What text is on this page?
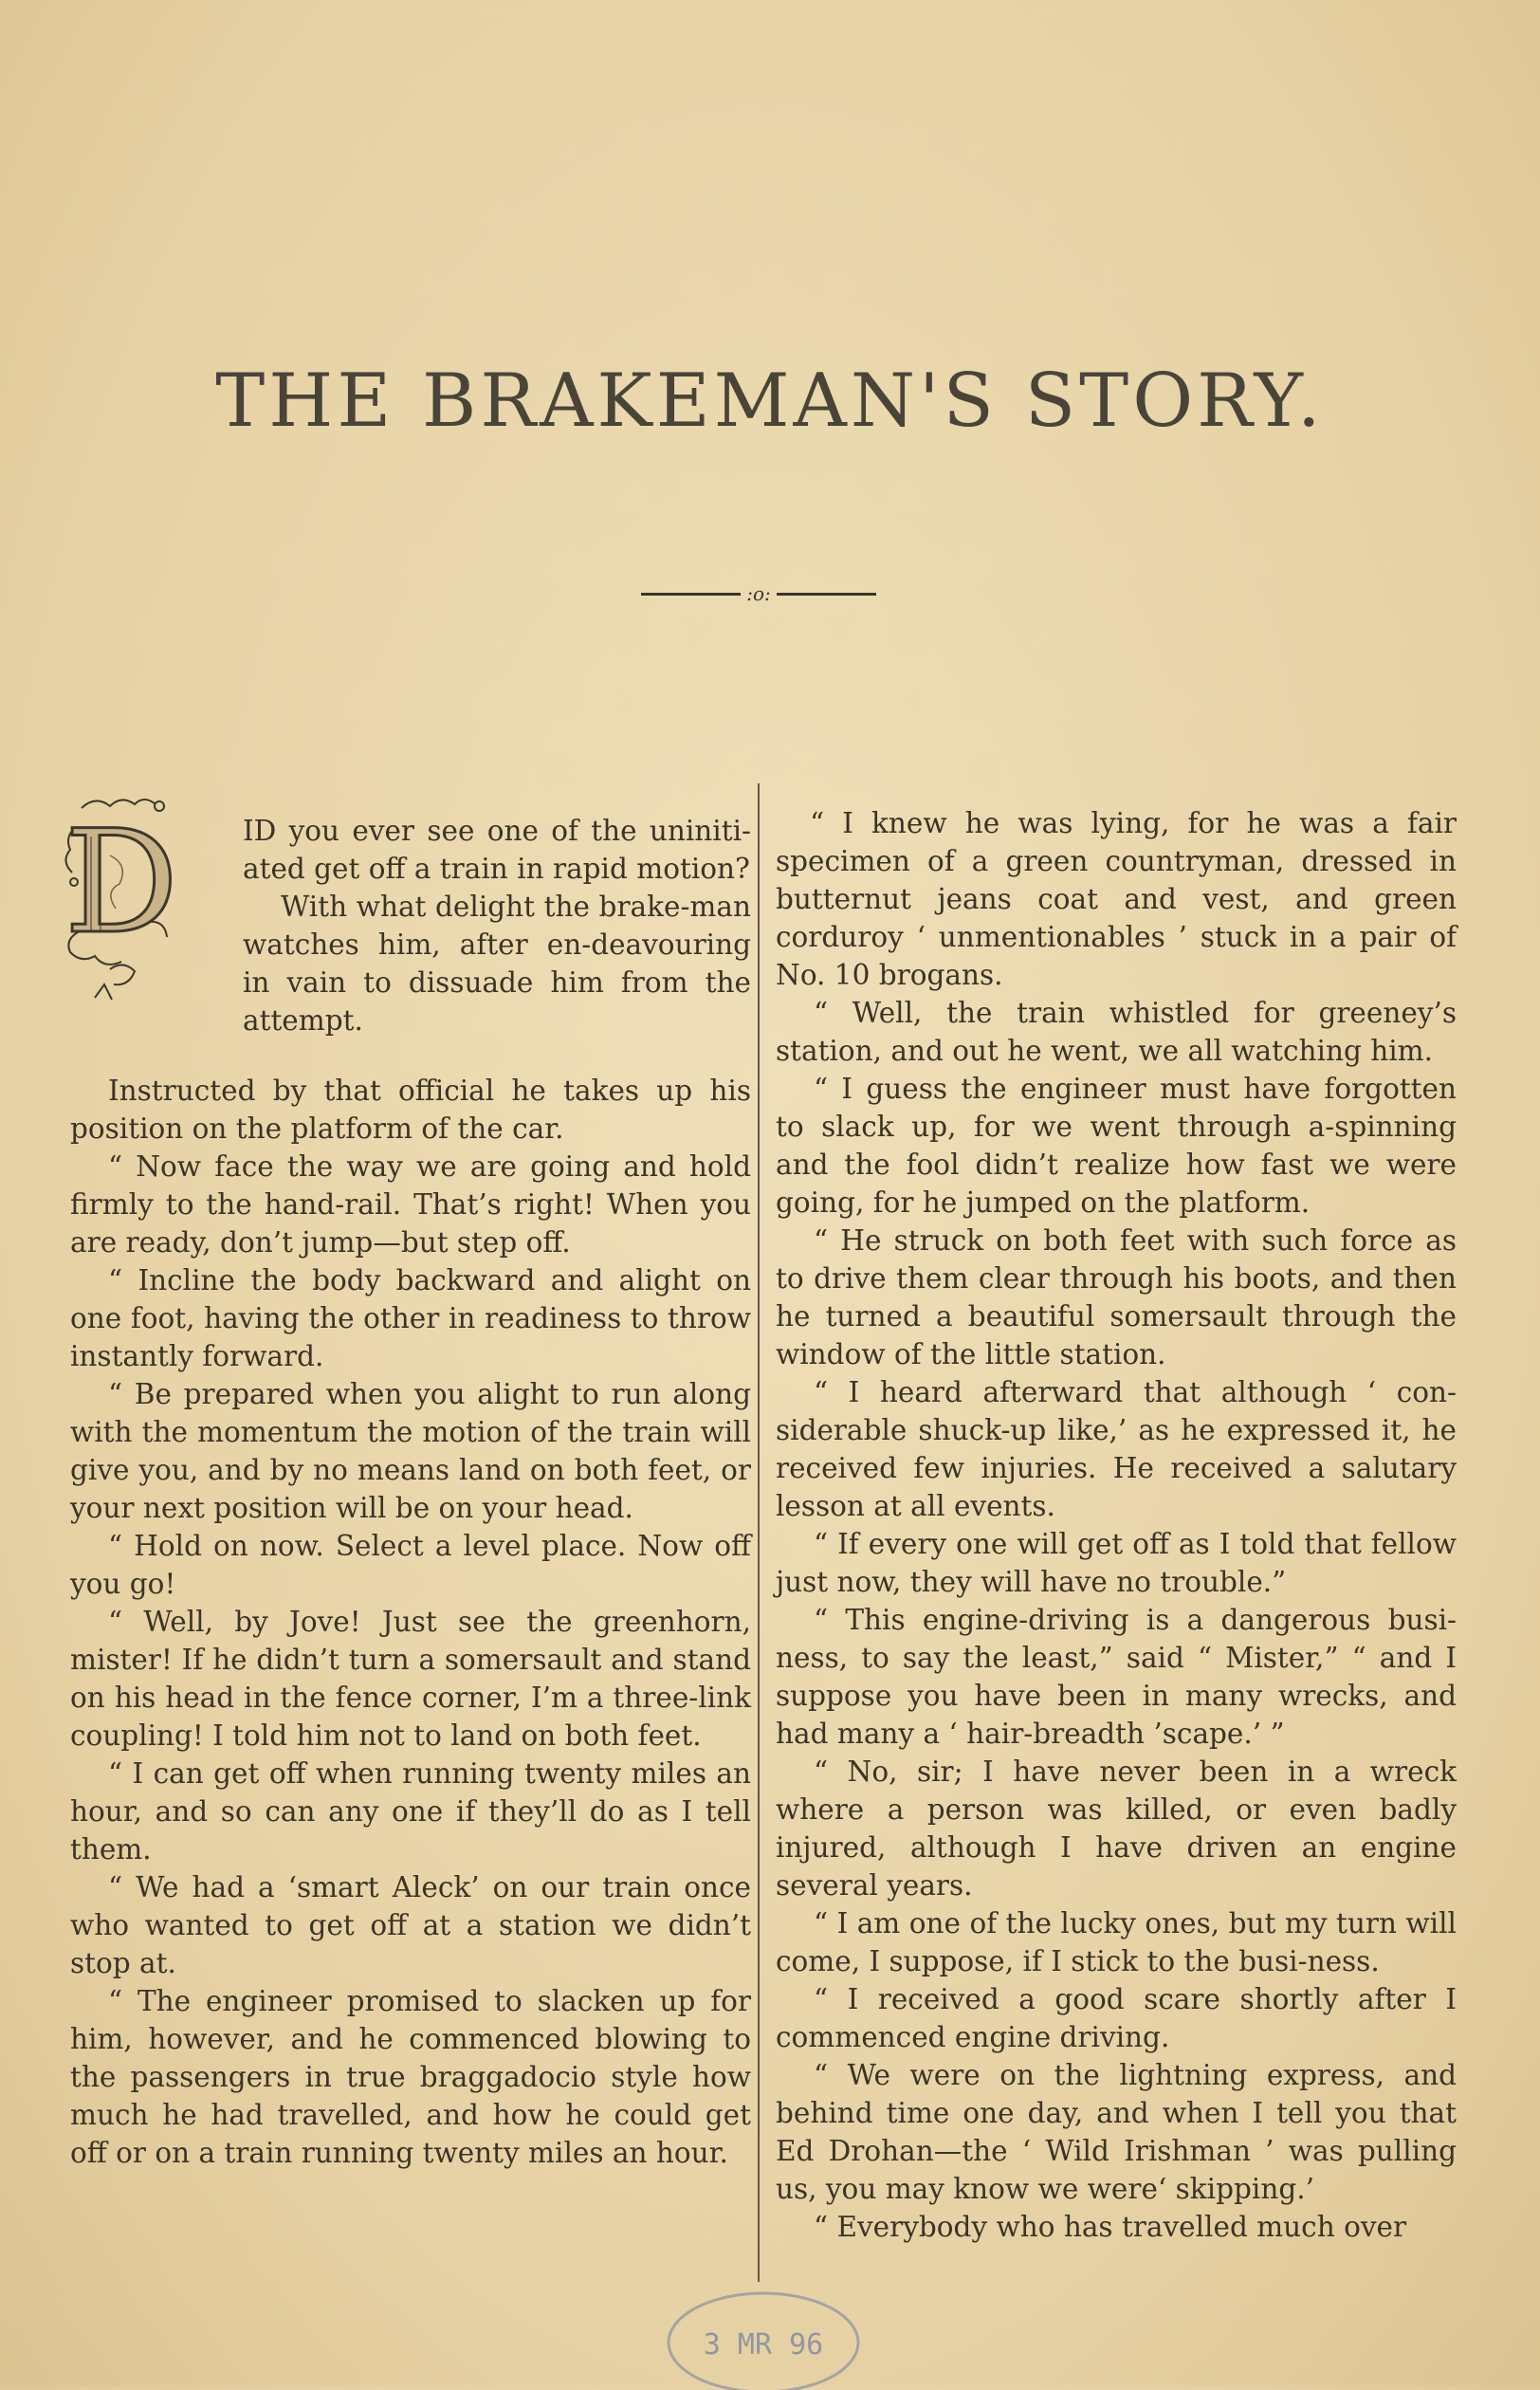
THE BRAKEMAN'S STORY.
:o:
D ID you ever see one of the uniniti-ated get off a train in rapid motion?

With what delight the brake-man watches him, after en-deavouring in vain to dissuade him from the attempt.

Instructed by that official he takes up his position on the platform of the car.

“ Now face the way we are going and hold firmly to the hand-rail. That’s right! When you are ready, don’t jump—but step off.

“ Incline the body backward and alight on one foot, having the other in readiness to throw instantly forward.

“ Be prepared when you alight to run along with the momentum the motion of the train will give you, and by no means land on both feet, or your next position will be on your head.

“ Hold on now. Select a level place. Now off you go!

“ Well, by Jove! Just see the greenhorn, mister! If he didn’t turn a somersault and stand on his head in the fence corner, I’m a three-link coupling! I told him not to land on both feet.

“ I can get off when running twenty miles an hour, and so can any one if they’ll do as I tell them.

“ We had a ‘smart Aleck’ on our train once who wanted to get off at a station we didn’t stop at.

“ The engineer promised to slacken up for him, however, and he commenced blowing to the passengers in true braggadocio style how much he had travelled, and how he could get off or on a train running twenty miles an hour.

“ I knew he was lying, for he was a fair specimen of a green countryman, dressed in butternut jeans coat and vest, and green corduroy ‘ unmentionables ’ stuck in a pair of No. 10 brogans.

“ Well, the train whistled for greeney’s station, and out he went, we all watching him.

“ I guess the engineer must have forgotten to slack up, for we went through a-spinning and the fool didn’t realize how fast we were going, for he jumped on the platform.

“ He struck on both feet with such force as to drive them clear through his boots, and then he turned a beautiful somersault through the window of the little station.

“ I heard afterward that although ‘ con-siderable shuck-up like,’ as he expressed it, he received few injuries. He received a salutary lesson at all events.

“ If every one will get off as I told that fellow just now, they will have no trouble.”

“ This engine-driving is a dangerous busi-ness, to say the least,” said “ Mister,” “ and I suppose you have been in many wrecks, and had many a ‘ hair-breadth ’scape.’ ”

“ No, sir; I have never been in a wreck where a person was killed, or even badly injured, although I have driven an engine several years.

“ I am one of the lucky ones, but my turn will come, I suppose, if I stick to the busi-ness.

“ I received a good scare shortly after I commenced engine driving.

“ We were on the lightning express, and behind time one day, and when I tell you that Ed Drohan—the ‘ Wild Irishman ’ was pulling us, you may know we were‘ skipping.’

“ Everybody who has travelled much over

3 MR 96
